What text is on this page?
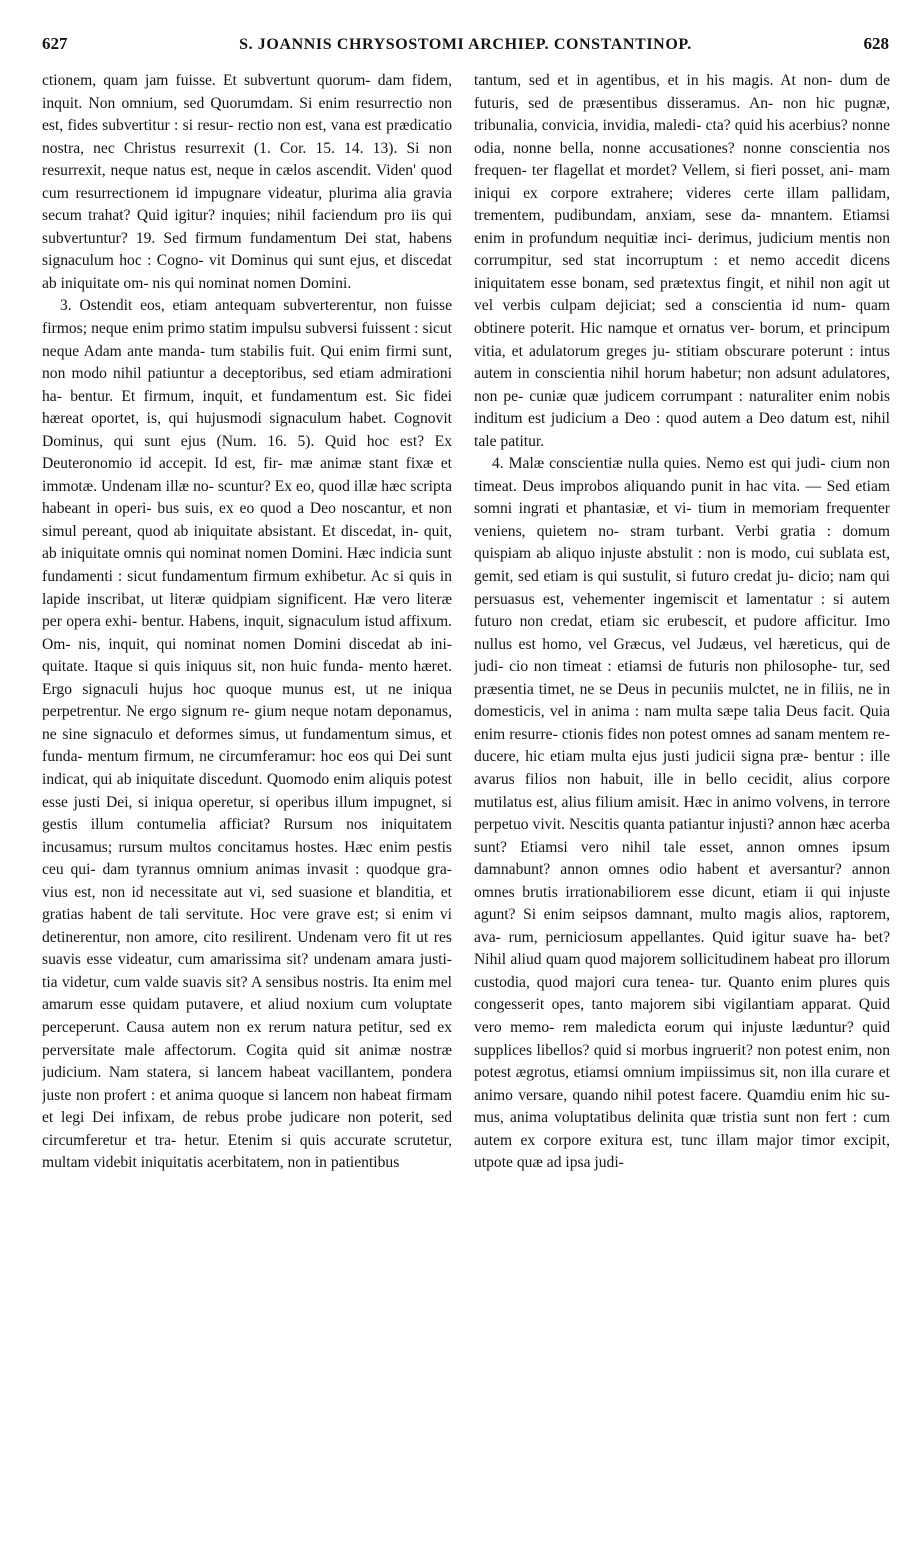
627	S. JOANNIS CHRYSOSTOMI ARCHIEP. CONSTANTINOP.	628

ctionem, quam jam fuisse. Et subvertunt quorum- dam fidem, inquit. Non omnium, sed Quorumdam. Si enim resurrectio non est, fides subvertitur : si resur- rectio non est, vana est prædicatio nostra, nec Christus resurrexit (1. Cor. 15. 14. 13). Si non resurrexit, neque natus est, neque in cælos ascendit. Viden' quod cum resurrectionem id impugnare videatur, plurima alia gravia secum trahat? Quid igitur? inquies; nihil faciendum pro iis qui subvertuntur? 19. Sed firmum fundamentum Dei stat, habens signaculum hoc : Cogno- vit Dominus qui sunt ejus, et discedat ab iniquitate om- nis qui nominat nomen Domini.

3. Ostendit eos, etiam antequam subverterentur, non fuisse firmos; neque enim primo statim impulsu subversi fuissent : sicut neque Adam ante manda- tum stabilis fuit. Qui enim firmi sunt, non modo nihil patiuntur a deceptoribus, sed etiam admirationi ha- bentur. Et firmum, inquit, et fundamentum est. Sic fidei hæreat oportet, is, qui hujusmodi signaculum habet. Cognovit Dominus, qui sunt ejus (Num. 16. 5). Quid hoc est? Ex Deuteronomio id accepit. Id est, fir- mæ animæ stant fixæ et immotæ. Undenam illæ no- scuntur? Ex eo, quod illæ hæc scripta habeant in operi- bus suis, ex eo quod a Deo noscantur, et non simul pereant, quod ab iniquitate absistant. Et discedat, in- quit, ab iniquitate omnis qui nominat nomen Domini. Hæc indicia sunt fundamenti : sicut fundamentum firmum exhibetur. Ac si quis in lapide inscribat, ut literæ quidpiam significent. Hæ vero literæ per opera exhi- bentur. Habens, inquit, signaculum istud affixum. Om- nis, inquit, qui nominat nomen Domini discedat ab ini- quitate. Itaque si quis iniquus sit, non huic funda- mento hæret. Ergo signaculi hujus hoc quoque munus est, ut ne iniqua perpetrentur. Ne ergo signum re- gium neque notam deponamus, ne sine signaculo et deformes simus, ut fundamentum simus, et funda- mentum firmum, ne circumferamur: hoc eos qui Dei sunt indicat, qui ab iniquitate discedunt. Quomodo enim aliquis potest esse justi Dei, si iniqua operetur, si operibus illum impugnet, si gestis illum contumelia afficiat? Rursum nos iniquitatem incusamus; rursum multos concitamus hostes. Hæc enim pestis ceu qui- dam tyrannus omnium animas invasit : quodque gra- vius est, non id necessitate aut vi, sed suasione et blanditia, et gratias habent de tali servitute. Hoc vere grave est; si enim vi detinerentur, non amore, cito resilirent. Undenam vero fit ut res suavis esse videatur, cum amarissima sit? undenam amara justi- tia videtur, cum valde suavis sit? A sensibus nostris. Ita enim mel amarum esse quidam putavere, et aliud noxium cum voluptate perceperunt. Causa autem non ex rerum natura petitur, sed ex perversitate male affectorum. Cogita quid sit animæ nostræ judicium. Nam statera, si lancem habeat vacillantem, pondera juste non profert : et anima quoque si lancem non habeat firmam et legi Dei infixam, de rebus probe judicare non poterit, sed circumferetur et tra- hetur. Etenim si quis accurate scrutetur, multam videbit iniquitatis acerbitatem, non in patientibus

tantum, sed et in agentibus, et in his magis. At non- dum de futuris, sed de præsentibus disseramus. An- non hic pugnæ, tribunalia, convicia, invidia, maledi- cta? quid his acerbius? nonne odia, nonne bella, nonne accusationes? nonne conscientia nos frequen- ter flagellat et mordet? Vellem, si fieri posset, ani- mam iniqui ex corpore extrahere; videres certe illam pallidam, trementem, pudibundam, anxiam, sese da- mnantem. Etiamsi enim in profundum nequitiæ inci- derimus, judicium mentis non corrumpitur, sed stat incorruptum : et nemo accedit dicens iniquitatem esse bonam, sed prætextus fingit, et nihil non agit ut vel verbis culpam dejiciat; sed a conscientia id num- quam obtinere poterit. Hic namque et ornatus ver- borum, et principum vitia, et adulatorum greges ju- stitiam obscurare poterunt : intus autem in conscientia nihil horum habetur; non adsunt adulatores, non pe- cuniæ quæ judicem corrumpant : naturaliter enim nobis inditum est judicium a Deo : quod autem a Deo datum est, nihil tale patitur.

4. Malæ conscientiæ nulla quies. Nemo est qui judi- cium non timeat. Deus improbos aliquando punit in hac vita. — Sed etiam somni ingrati et phantasiæ, et vi- tium in memoriam frequenter veniens, quietem no- stram turbant. Verbi gratia : domum quispiam ab aliquo injuste abstulit : non is modo, cui sublata est, gemit, sed etiam is qui sustulit, si futuro credat ju- dicio; nam qui persuasus est, vehementer ingemiscit et lamentatur : si autem futuro non credat, etiam sic erubescit, et pudore afficitur. Imo nullus est homo, vel Græcus, vel Judæus, vel hæreticus, qui de judi- cio non timeat : etiamsi de futuris non philosophe- tur, sed præsentia timet, ne se Deus in pecuniis mulctet, ne in filiis, ne in domesticis, vel in anima : nam multa sæpe talia Deus facit. Quia enim resurre- ctionis fides non potest omnes ad sanam mentem re- ducere, hic etiam multa ejus justi judicii signa præ- bentur : ille avarus filios non habuit, ille in bello cecidit, alius corpore mutilatus est, alius filium amisit. Hæc in animo volvens, in terrore perpetuo vivit. Nescitis quanta patiantur injusti? annon hæc acerba sunt? Etiamsi vero nihil tale esset, annon omnes ipsum damnabunt? annon omnes odio habent et aversantur? annon omnes brutis irrationabiliorem esse dicunt, etiam ii qui injuste agunt? Si enim seipsos damnant, multo magis alios, raptorem, ava- rum, perniciosum appellantes. Quid igitur suave ha- bet? Nihil aliud quam quod majorem sollicitudinem habeat pro illorum custodia, quod majori cura tenea- tur. Quanto enim plures quis congesserit opes, tanto majorem sibi vigilantiam apparat. Quid vero memo- rem maledicta eorum qui injuste læduntur? quid supplices libellos? quid si morbus ingruerit? non potest enim, non potest ægrotus, etiamsi omnium impiissimus sit, non illa curare et animo versare, quando nihil potest facere. Quamdiu enim hic su- mus, anima voluptatibus delinita quæ tristia sunt non fert : cum autem ex corpore exitura est, tunc illam major timor excipit, utpote quæ ad ipsa judi-
